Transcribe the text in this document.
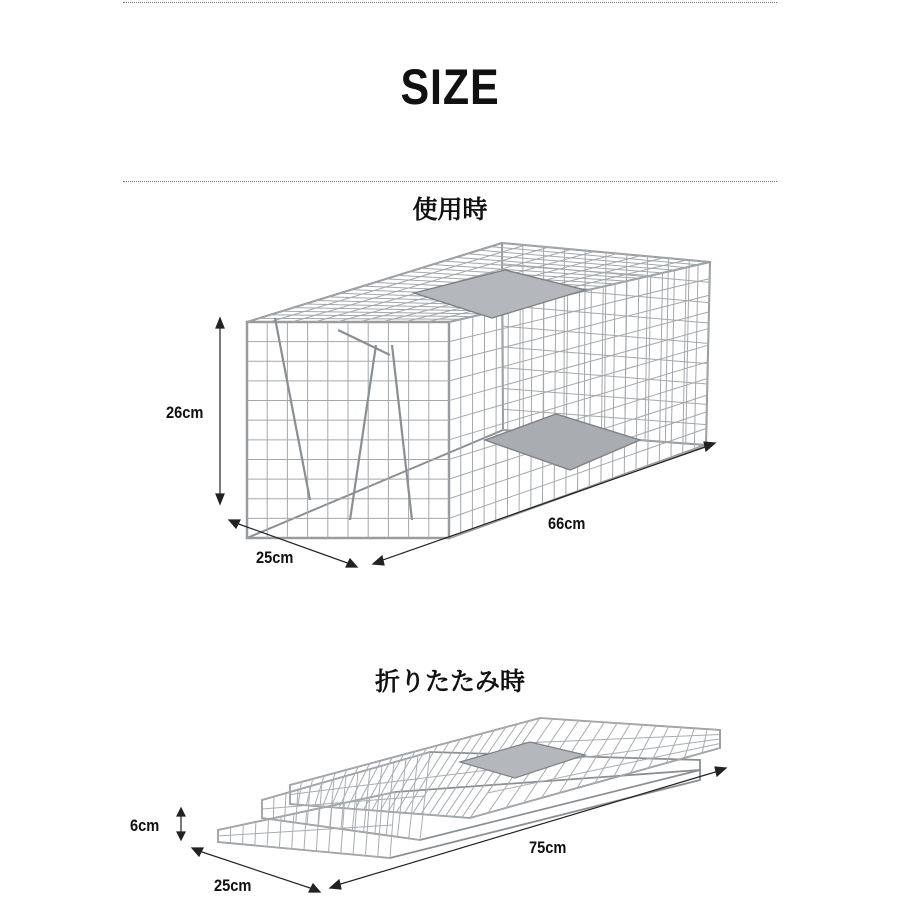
SIZE
使用時
26cm
25cm
66cm
折りたたみ時
6cm
25cm
75cm
